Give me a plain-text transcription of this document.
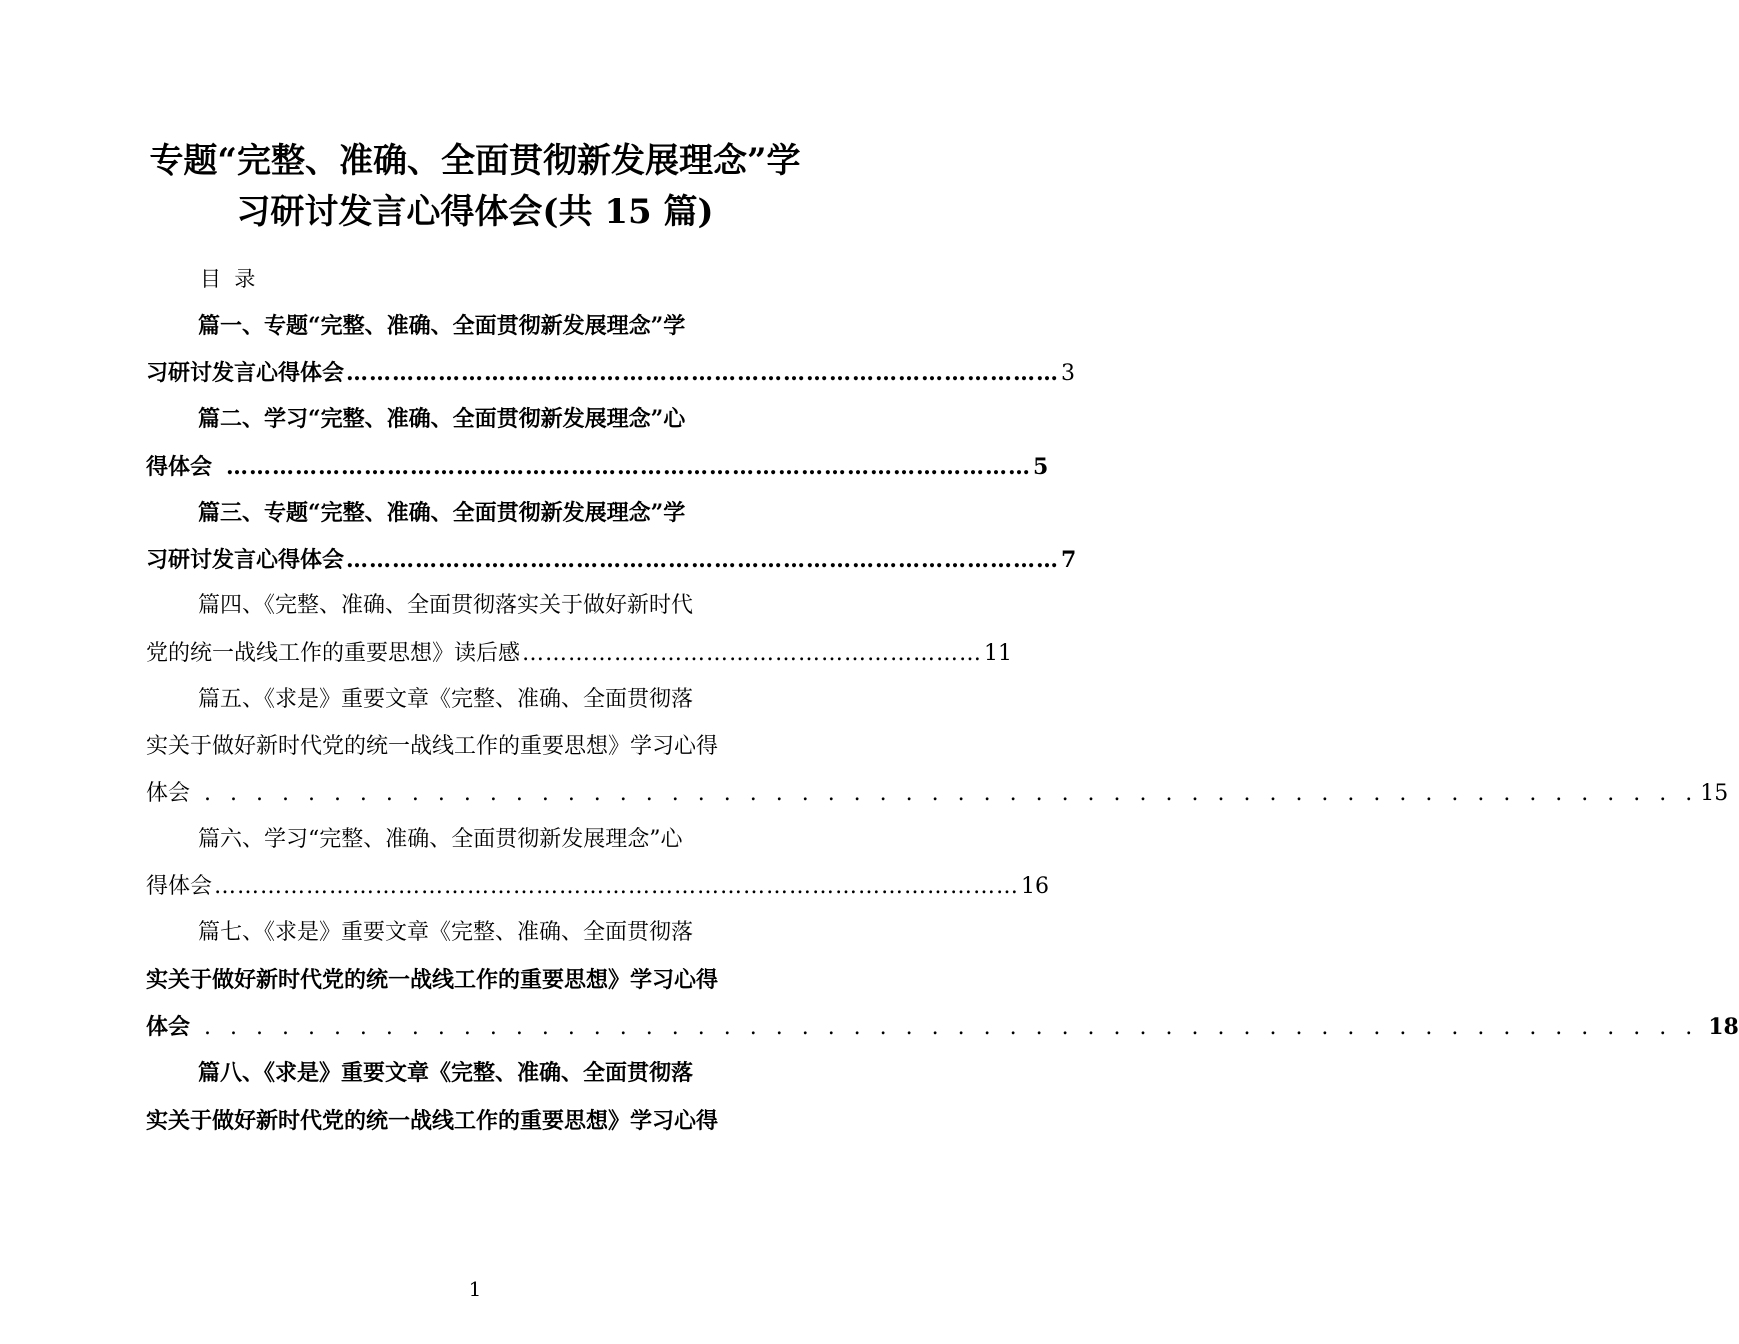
专题“完整、准确、全面贯彻新发展理念”学
习研讨发言心得体会(共 15 篇)
目  录
篇一、专题“完整、准确、全面贯彻新发展理念”学
习研讨发言心得体会 ………………………………………………………………………………… 3
篇二、学习“完整、准确、全面贯彻新发展理念”心
得体会 …………………………………………………………………………………………… 5
篇三、专题“完整、准确、全面贯彻新发展理念”学
习研讨发言心得体会 ………………………………………………………………………………… 7
篇四、《完整、准确、全面贯彻落实关于做好新时代
党的统一战线工作的重要思想》读后感 …………………………………………………… 11
篇五、《求是》重要文章《完整、准确、全面贯彻落
实关于做好新时代党的统一战线工作的重要思想》学习心得
体会 . . . . . . . . . . . . . . . . . . . . . . . . . . . . . . . . . . . . . . . . . . . . . . . . . . . . . . . . . . 15
篇六、学习“完整、准确、全面贯彻新发展理念”心
得体会 …………………………………………………………………………………………… 16
篇七、《求是》重要文章《完整、准确、全面贯彻落
实关于做好新时代党的统一战线工作的重要思想》学习心得
体会 . . . . . . . . . . . . . . . . . . . . . . . . . . . . . . . . . . . . . . . . . . . . . . . . . . . . . . . . . . 18
篇八、《求是》重要文章《完整、准确、全面贯彻落
实关于做好新时代党的统一战线工作的重要思想》学习心得
1
